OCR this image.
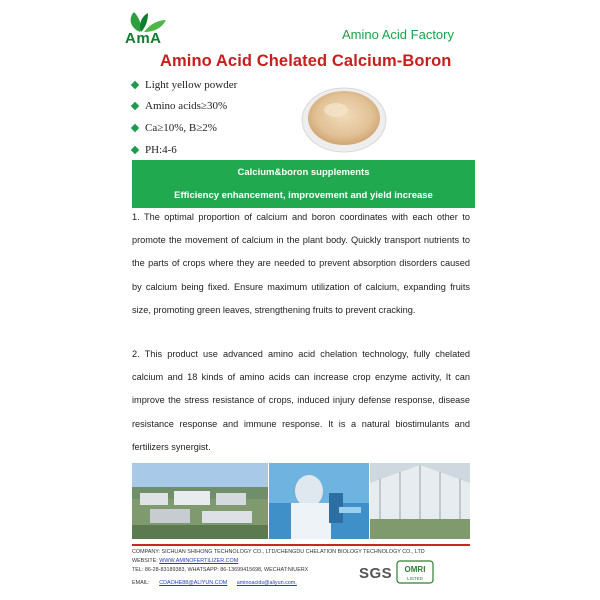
AmA	Amino Acid Factory
Amino Acid Chelated Calcium-Boron
Light yellow powder
Amino acids≥30%
Ca≥10%, B≥2%
PH:4-6
Calcium&boron supplements
Efficiency enhancement, improvement and yield increase
1. The optimal proportion of calcium and boron coordinates with each other to promote the movement of calcium in the plant body. Quickly transport nutrients to the parts of crops where they are needed to prevent absorption disorders caused by calcium being fixed. Ensure maximum utilization of calcium, expanding fruits size, promoting green leaves, strengthening fruits to prevent cracking.
2. This product use advanced amino acid chelation technology, fully chelated calcium and 18 kinds of amino acids can increase crop enzyme activity, It can improve the stress resistance of crops, induced injury defense response, disease resistance response and immune response. It is a natural biostimulants and fertilizers synergist.
COMPANY: SICHUAN SHIHONG TECHNOLOGY CO., LTD/CHENGDU CHELATION BIOLOGY TECHNOLOGY CO., LTD
WEBSITE: WWW.AMINOFERTILIZER.COM
TEL: 86-28-83189383, WHATSAPP: 86-13699415698, WECHAT:NIUERX
EMAIL: CDAOHE88@ALIYUN.COM aminoacids@aliyun.com,
SGS OMRI
LISTED
